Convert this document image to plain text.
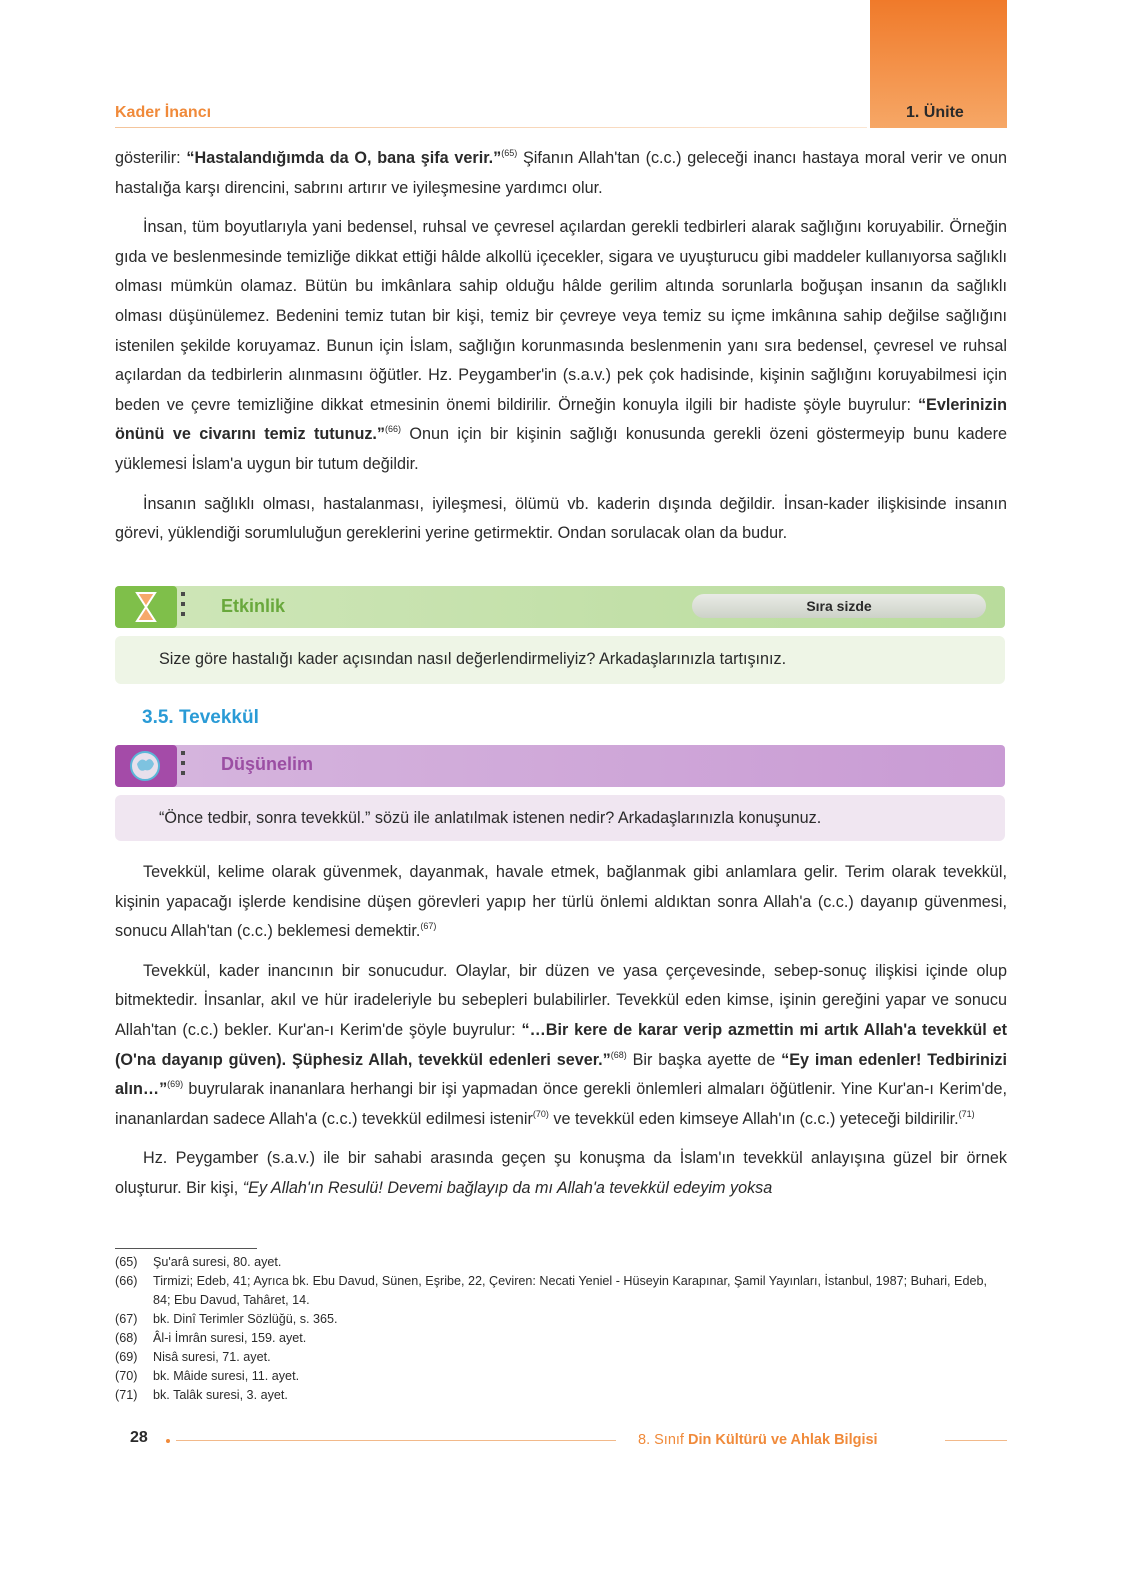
Kader İnancı	1. Ünite

gösterilir: “Hastalandığımda da O, bana şifa verir.”$^{(65)}$ Şifanın Allah'tan (c.c.) geleceği inancı hastaya moral verir ve onun hastalığa karşı direncini, sabrını artırır ve iyileşmesine yardımcı olur.

İnsan, tüm boyutlarıyla yani bedensel, ruhsal ve çevresel açılardan gerekli tedbirleri alarak sağlığını koruyabilir. Örneğin gıda ve beslenmesinde temizliğe dikkat ettiği hâlde alkollü içecekler, sigara ve uyuşturucu gibi maddeler kullanıyorsa sağlıklı olması mümkün olamaz. Bütün bu imkânlara sahip olduğu hâlde gerilim altında sorunlarla boğuşan insanın da sağlıklı olması düşünülemez. Bedenini temiz tutan bir kişi, temiz bir çevreye veya temiz su içme imkânına sahip değilse sağlığını istenilen şekilde koruyamaz. Bunun için İslam, sağlığın korunmasında beslenmenin yanı sıra bedensel, çevresel ve ruhsal açılardan da tedbirlerin alınmasını öğütler. Hz. Peygamber'in (s.a.v.) pek çok hadisinde, kişinin sağlığını koruyabilmesi için beden ve çevre temizliğine dikkat etmesinin önemi bildirilir. Örneğin konuyla ilgili bir hadiste şöyle buyrulur: “Evlerinizin önünü ve civarını temiz tutunuz.”$^{(66)}$ Onun için bir kişinin sağlığı konusunda gerekli özeni göstermeyip bunu kadere yüklemesi İslam'a uygun bir tutum değildir.

İnsanın sağlıklı olması, hastalanması, iyileşmesi, ölümü vb. kaderin dışında değildir. İnsan-kader ilişkisinde insanın görevi, yüklendiği sorumluluğun gereklerini yerine getirmektir. Ondan sorulacak olan da budur.

Etkinlik	Sıra sizde
Size göre hastalığı kader açısından nasıl değerlendirmeliyiz? Arkadaşlarınızla tartışınız.
3.5. Tevekkül
Düşünelim
“Önce tedbir, sonra tevekkül.” sözü ile anlatılmak istenen nedir? Arkadaşlarınızla konuşunuz.

Tevekkül, kelime olarak güvenmek, dayanmak, havale etmek, bağlanmak gibi anlamlara gelir. Terim olarak tevekkül, kişinin yapacağı işlerde kendisine düşen görevleri yapıp her türlü önlemi aldıktan sonra Allah'a (c.c.) dayanıp güvenmesi, sonucu Allah'tan (c.c.) beklemesi demektir.$^{(67)}$

Tevekkül, kader inancının bir sonucudur. Olaylar, bir düzen ve yasa çerçevesinde, sebep-sonuç ilişkisi içinde olup bitmektedir. İnsanlar, akıl ve hür iradeleriyle bu sebepleri bulabilirler. Tevekkül eden kimse, işinin gereğini yapar ve sonucu Allah'tan (c.c.) bekler. Kur'an-ı Kerim'de şöyle buyrulur: “…Bir kere de karar verip azmettin mi artık Allah'a tevekkül et (O'na dayanıp güven). Şüphesiz Allah, tevekkül edenleri sever.”$^{(68)}$ Bir başka ayette de “Ey iman edenler! Tedbirinizi alın…”$^{(69)}$ buyrularak inananlara herhangi bir işi yapmadan önce gerekli önlemleri almaları öğütlenir. Yine Kur'an-ı Kerim'de, inananlardan sadece Allah'a (c.c.) tevekkül edilmesi istenir$^{(70)}$ ve tevekkül eden kimseye Allah'ın (c.c.) yeteceği bildirilir.$^{(71)}$

Hz. Peygamber (s.a.v.) ile bir sahabi arasında geçen şu konuşma da İslam'ın tevekkül anlayışına güzel bir örnek oluşturur. Bir kişi, “Ey Allah'ın Resulü! Devemi bağlayıp da mı Allah'a tevekkül edeyim yoksa

(65)	Şu'arâ suresi, 80. ayet.
(66)	Tirmizi; Edeb, 41; Ayrıca bk. Ebu Davud, Sünen, Eşribe, 22, Çeviren: Necati Yeniel - Hüseyin Karapınar, Şamil Yayınları, İstanbul, 1987; Buhari, Edeb, 84; Ebu Davud, Tahâret, 14.
(67)	bk. Dinî Terimler Sözlüğü, s. 365.
(68)	Âl-i İmrân suresi, 159. ayet.
(69)	Nisâ suresi, 71. ayet.
(70)	bk. Mâide suresi, 11. ayet.
(71)	bk. Talâk suresi, 3. ayet.
28	8. Sınıf Din Kültürü ve Ahlak Bilgisi
